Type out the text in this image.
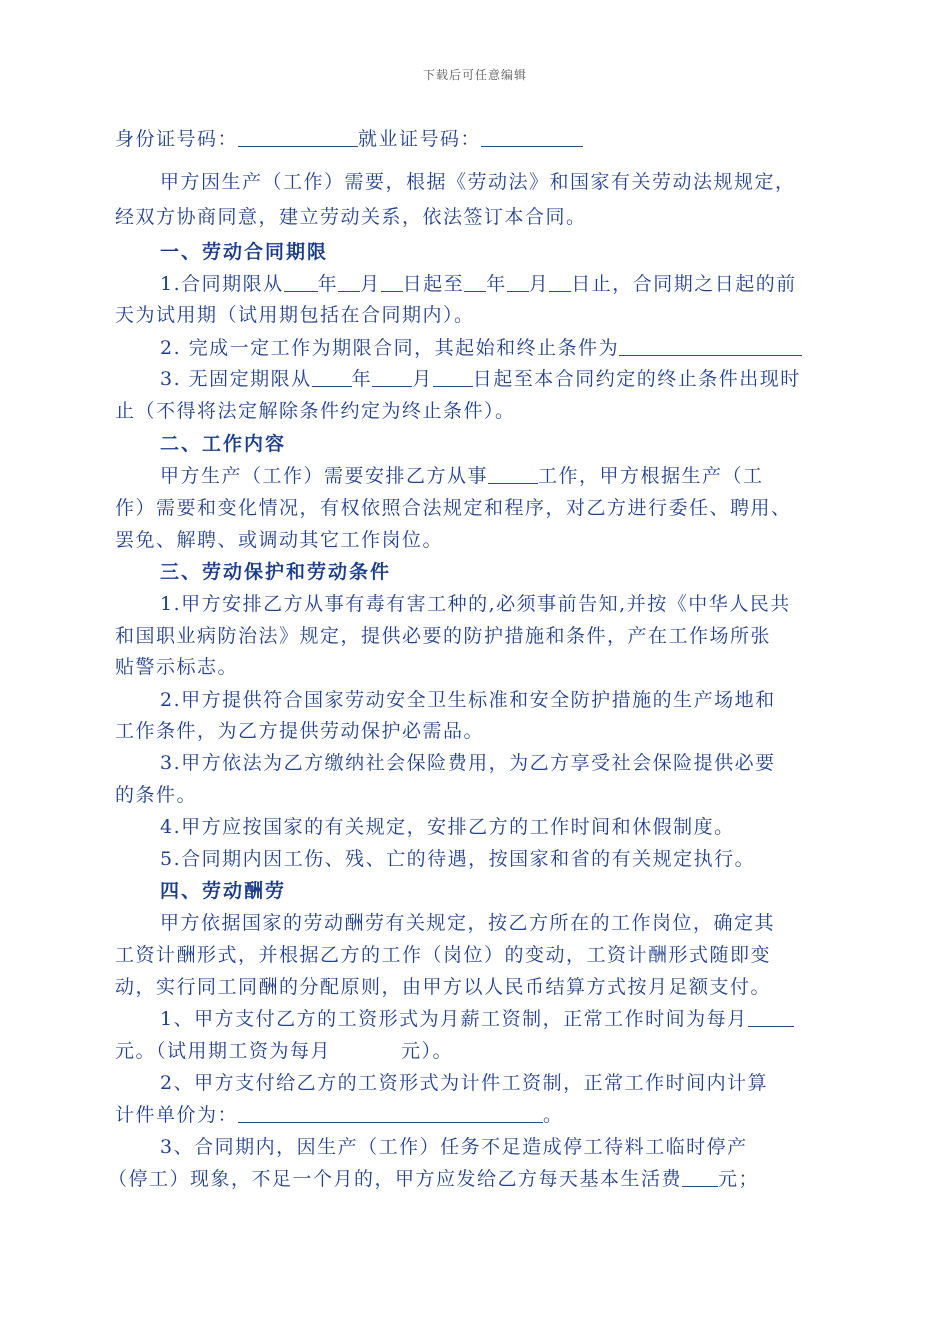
下载后可任意编辑
身份证号码：	就业证号码：
甲方因生产（工作）需要，根据《劳动法》和国家有关劳动法规规定，
经双方协商同意，建立劳动关系，依法签订本合同。
一、劳动合同期限
1.合同期限从 年 月 日起至 年 月 日止，合同期之日起的前
天为试用期（试用期包括在合同期内）。
2. 完成一定工作为期限合同，其起始和终止条件为
3. 无固定期限从 年 月 日起至本合同约定的终止条件出现时
止（不得将法定解除条件约定为终止条件）。
二、工作内容
甲方生产（工作）需要安排乙方从事	工作，甲方根据生产（工
作）需要和变化情况，有权依照合法规定和程序，对乙方进行委任、聘用、
罢免、解聘、或调动其它工作岗位。
三、劳动保护和劳动条件
1.甲方安排乙方从事有毒有害工种的,必须事前告知,并按《中华人民共
和国职业病防治法》规定，提供必要的防护措施和条件，产在工作场所张
贴警示标志。
2.甲方提供符合国家劳动安全卫生标准和安全防护措施的生产场地和
工作条件，为乙方提供劳动保护必需品。
3.甲方依法为乙方缴纳社会保险费用，为乙方享受社会保险提供必要
的条件。
4.甲方应按国家的有关规定，安排乙方的工作时间和休假制度。
5.合同期内因工伤、残、亡的待遇，按国家和省的有关规定执行。
四、劳动酬劳
甲方依据国家的劳动酬劳有关规定，按乙方所在的工作岗位，确定其
工资计酬形式，并根据乙方的工作（岗位）的变动，工资计酬形式随即变
动，实行同工同酬的分配原则，由甲方以人民币结算方式按月足额支付。
1、甲方支付乙方的工资形式为月薪工资制，正常工作时间为每月
元。（试用期工资为每月	元）。
2、甲方支付给乙方的工资形式为计件工资制，正常工作时间内计算
计件单价为：	。
3、合同期内，因生产（工作）任务不足造成停工待料工临时停产
（停工）现象，不足一个月的，甲方应发给乙方每天基本生活费 元；
